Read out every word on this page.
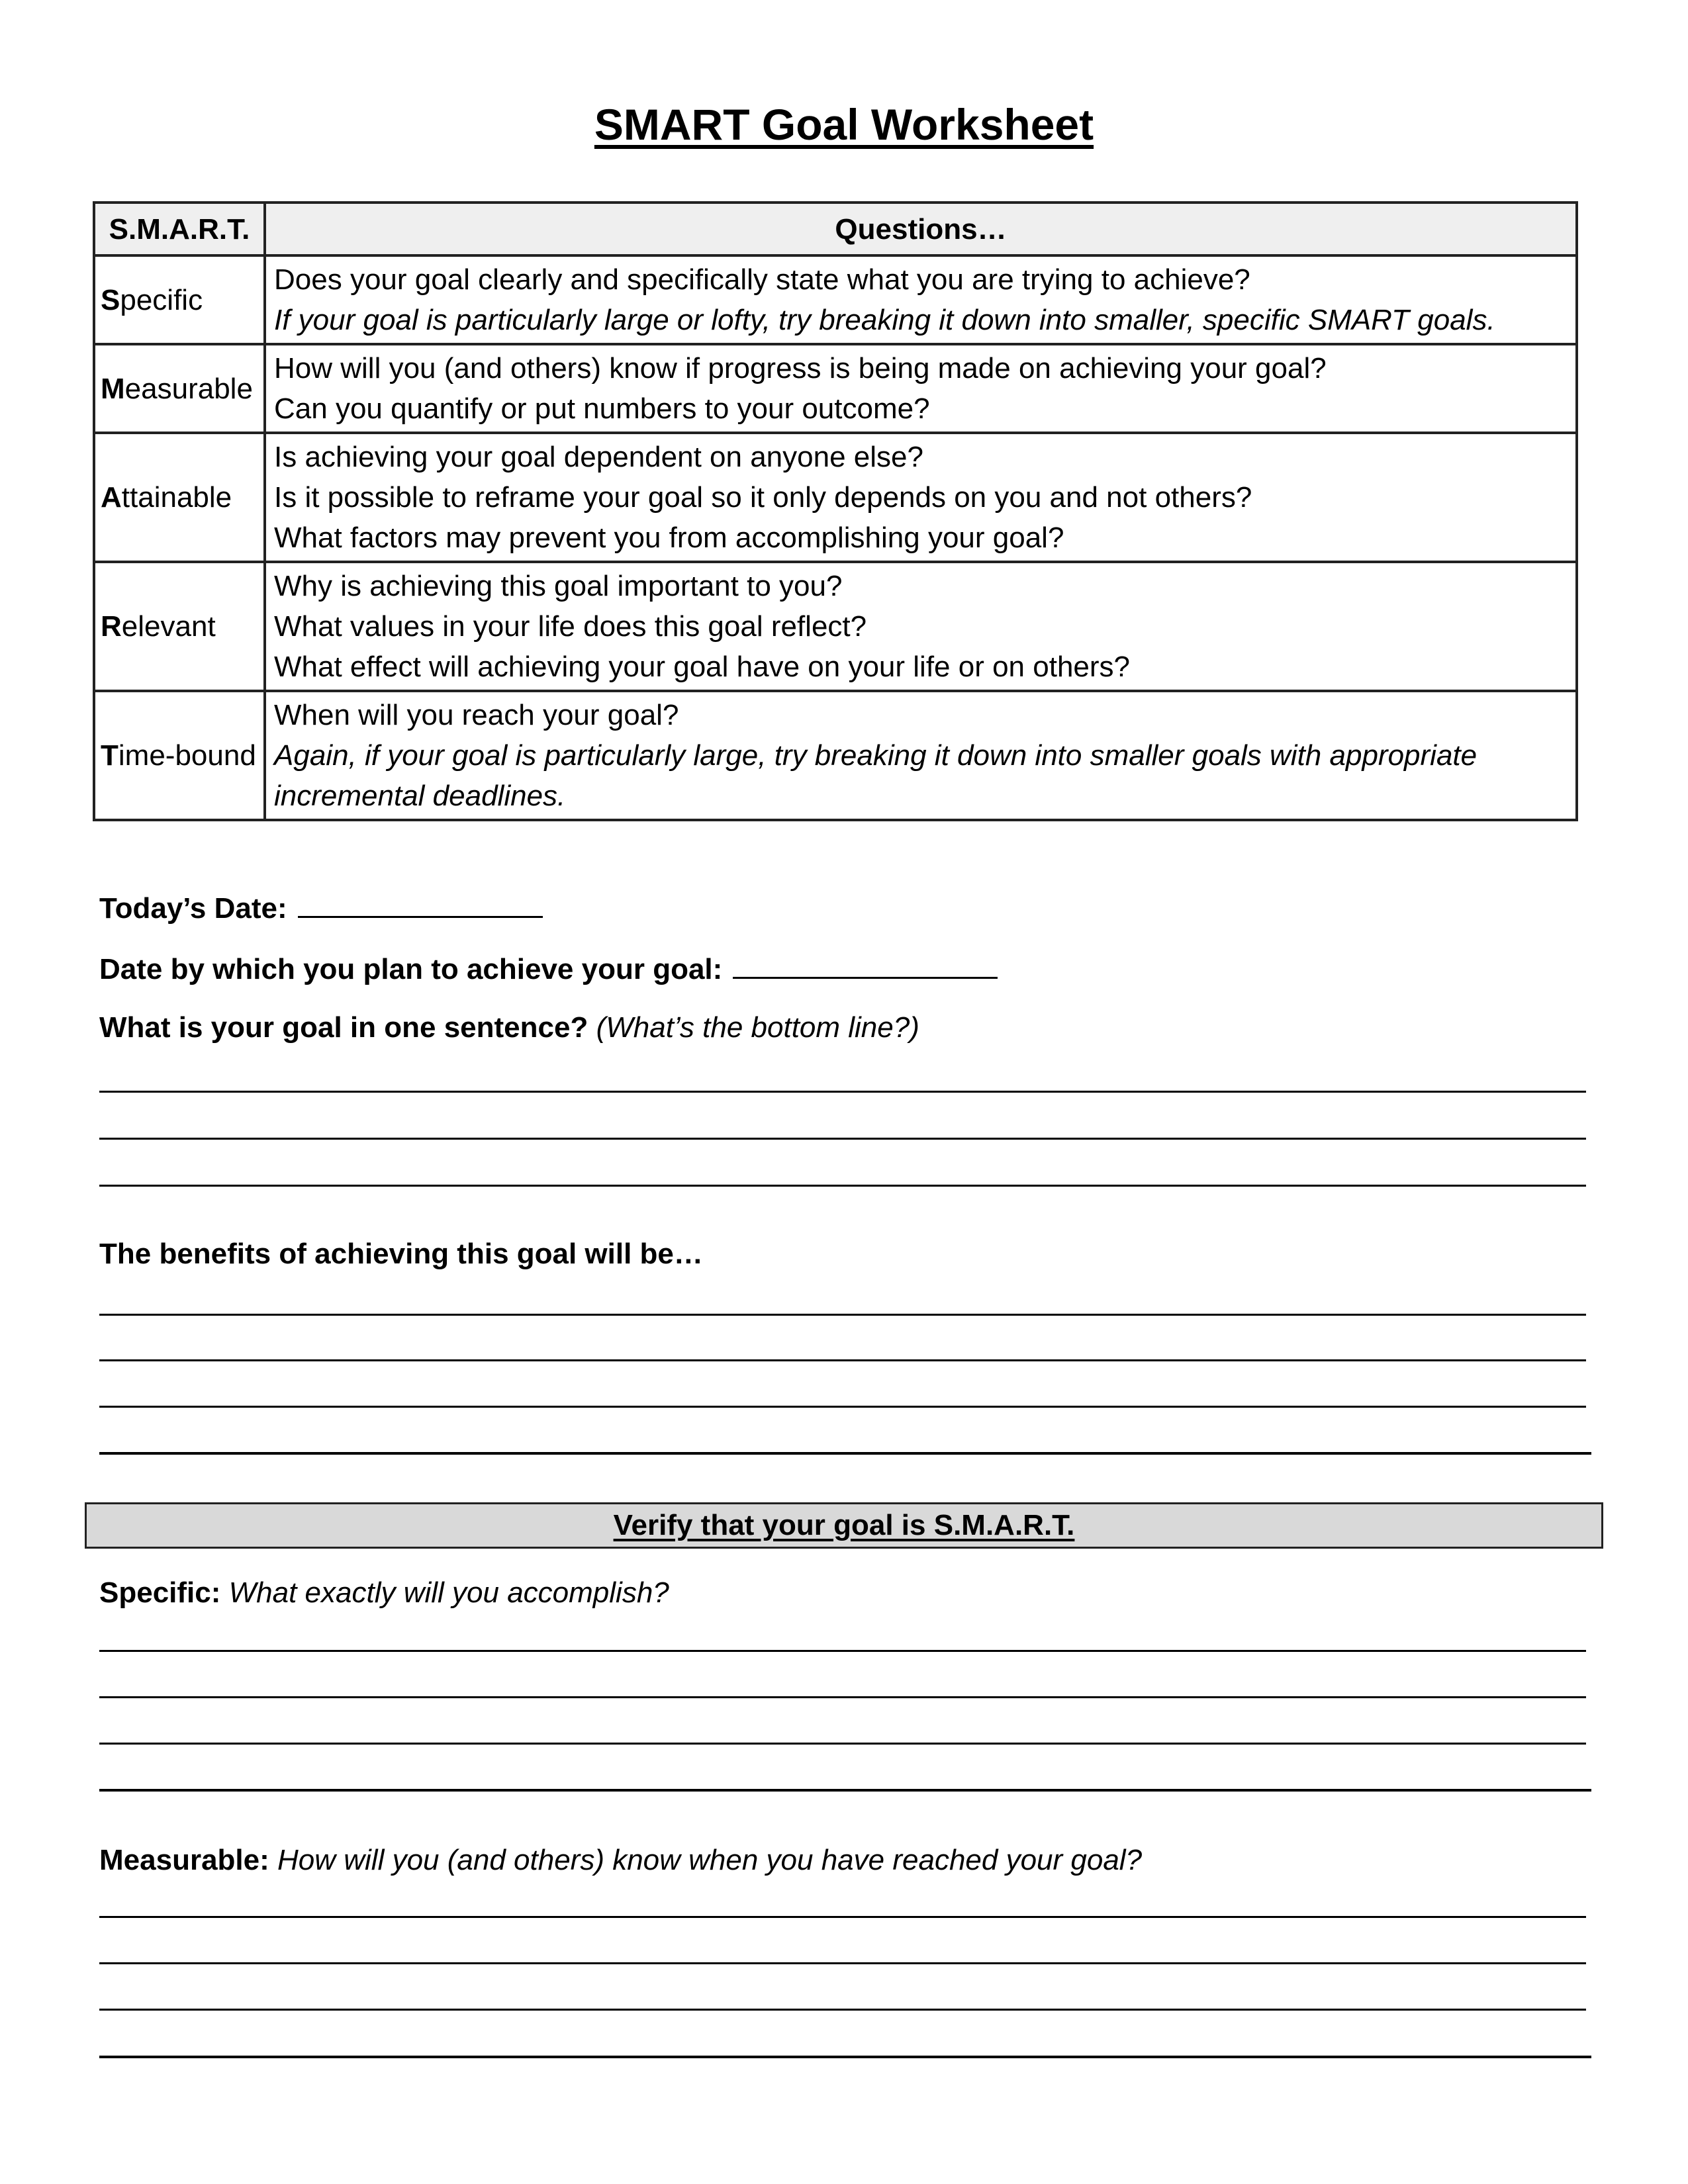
SMART Goal Worksheet
S.M.A.R.T.	Questions…
Specific	Does your goal clearly and specifically state what you are trying to achieve?
If your goal is particularly large or lofty, try breaking it down into smaller, specific SMART goals.

Measurable	How will you (and others) know if progress is being made on achieving your goal?
Can you quantify or put numbers to your outcome?

Attainable	Is achieving your goal dependent on anyone else?
Is it possible to reframe your goal so it only depends on you and not others?
What factors may prevent you from accomplishing your goal?

Relevant	Why is achieving this goal important to you?
What values in your life does this goal reflect?
What effect will achieving your goal have on your life or on others?

Time-bound	When will you reach your goal?
Again, if your goal is particularly large, try breaking it down into smaller goals with appropriate
incremental deadlines.
Today’s Date:
Date by which you plan to achieve your goal:
What is your goal in one sentence? (What’s the bottom line?)
The benefits of achieving this goal will be…
Verify that your goal is S.M.A.R.T.
Specific: What exactly will you accomplish?
Measurable: How will you (and others) know when you have reached your goal?
